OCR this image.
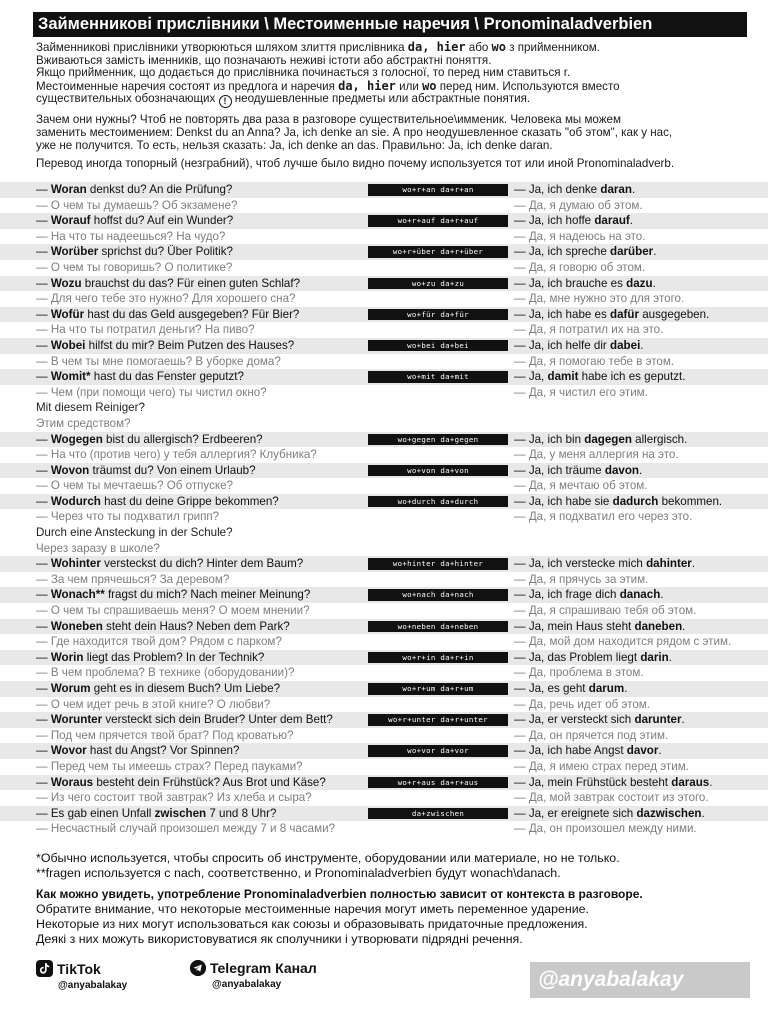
Займенникові прислівники \ Местоименные наречия \ Pronominaladverbien

Займенникові прислівники утворюються шляхом злиття прислівника da, hier або wo з прийменником.

Вживаються замість іменників, що позначають неживі істоти або абстрактні поняття.

Якщо прийменник, що додається до прислівника починається з голосної, то перед ним ставиться r.

Местоименные наречия состоят из предлога и наречия da, hier или wo перед ним. Используются вместо

существительных обозначающих ! неодушевленные предметы или абстрактные понятия.

Зачем они нужны? Чтоб не повторять два раза в разговоре существительное\имменик. Человека мы можем

заменить местоимением: Denkst du an Anna? Ja, ich denke an sie. А про неодушевленное сказать "об этом", как у нас,

уже не получится. То есть, нельзя сказать: Ja, ich denke an das. Правильно: Ja, ich denke daran.

Перевод иногда топорный (незграбний), чтоб лучше было видно почему используется тот или иной Pronominaladverb.

— Woran denkst du? An die Prüfung?	wo+r+an da+r+an	— Ja, ich denke daran.
— О чем ты думаешь? Об экзамене?	— Да, я думаю об этом.
— Worauf hoffst du? Auf ein Wunder?	wo+r+auf da+r+auf	— Ja, ich hoffe darauf.
— На что ты надеешься? На чудо?	— Да, я надеюсь на это.
— Worüber sprichst du? Über Politik?	wo+r+über da+r+über	— Ja, ich spreche darüber.
— О чем ты говоришь? О политике?	— Да, я говорю об этом.
— Wozu brauchst du das? Für einen guten Schlaf?	wo+zu da+zu	— Ja, ich brauche es dazu.
— Для чего тебе это нужно? Для хорошего сна?	— Да, мне нужно это для этого.
— Wofür hast du das Geld ausgegeben? Für Bier?	wo+für da+für	— Ja, ich habe es dafür ausgegeben.
— На что ты потратил деньги? На пиво?	— Да, я потратил их на это.
— Wobei hilfst du mir? Beim Putzen des Hauses?	wo+bei da+bei	— Ja, ich helfe dir dabei.
— В чем ты мне помогаешь? В уборке дома?	— Да, я помогаю тебе в этом.
— Womit* hast du das Fenster geputzt?	wo+mit da+mit	— Ja, damit habe ich es geputzt.
— Чем (при помощи чего) ты чистил окно?	— Да, я чистил его этим.
Mit diesem Reiniger?
Этим средством?
— Wogegen bist du allergisch? Erdbeeren?	wo+gegen da+gegen	— Ja, ich bin dagegen allergisch.
— На что (против чего) у тебя аллергия? Клубника?	— Да, у меня аллергия на это.
— Wovon träumst du? Von einem Urlaub?	wo+von da+von	— Ja, ich träume davon.
— О чем ты мечтаешь? Об отпуске?	— Да, я мечтаю об этом.
— Wodurch hast du deine Grippe bekommen?	wo+durch da+durch	— Ja, ich habe sie dadurch bekommen.
— Через что ты подхватил грипп?	— Да, я подхватил его через это.
Durch eine Ansteckung in der Schule?
Через заразу в школе?
— Wohinter versteckst du dich? Hinter dem Baum?	wo+hinter da+hinter	— Ja, ich verstecke mich dahinter.
— За чем прячешься? За деревом?	— Да, я прячусь за этим.
— Wonach** fragst du mich? Nach meiner Meinung?	wo+nach da+nach	— Ja, ich frage dich danach.
— О чем ты спрашиваешь меня? О моем мнении?	— Да, я спрашиваю тебя об этом.
— Woneben steht dein Haus? Neben dem Park?	wo+neben da+neben	— Ja, mein Haus steht daneben.
— Где находится твой дом? Рядом с парком?	— Да, мой дом находится рядом с этим.
— Worin liegt das Problem? In der Technik?	wo+r+in da+r+in	— Ja, das Problem liegt darin.
— В чем проблема? В технике (оборудовании)?	— Да, проблема в этом.
— Worum geht es in diesem Buch? Um Liebe?	wo+r+um da+r+um	— Ja, es geht darum.
— О чем идет речь в этой книге? О любви?	— Да, речь идет об этом.
— Worunter versteckt sich dein Bruder? Unter dem Bett?	wo+r+unter da+r+unter	— Ja, er versteckt sich darunter.
— Под чем прячется твой брат? Под кроватью?	— Да, он прячется под этим.
— Wovor hast du Angst? Vor Spinnen?	wo+vor da+vor	— Ja, ich habe Angst davor.
— Перед чем ты имеешь страх? Перед пауками?	— Да, я имею страх перед этим.
— Woraus besteht dein Frühstück? Aus Brot und Käse?	wo+r+aus da+r+aus	— Ja, mein Frühstück besteht daraus.
— Из чего состоит твой завтрак? Из хлеба и сыра?	— Да, мой завтрак состоит из этого.
— Es gab einen Unfall zwischen 7 und 8 Uhr?	da+zwischen	— Ja, er ereignete sich dazwischen.
— Несчастный случай произошел между 7 и 8 часами?	— Да, он произошел между ними.

*Обычно используется, чтобы спросить об инструменте, оборудовании или материале, но не только.

**fragen используется с nach, соответственно, и Pronominaladverbien будут wonach\danach.

Как можно увидеть, употребление Pronominaladverbien полностью зависит от контекста в разговоре.

Обратите внимание, что некоторые местоименные наречия могут иметь переменное ударение.

Некоторые из них могут использоваться как союзы и образовывать придаточные предложения.

Деякі з них можуть використовуватися як сполучники і утворювати підрядні речення.

TikTok
@anyabalakay
Telegram Канал
@anyabalakay	@anyabalakay
